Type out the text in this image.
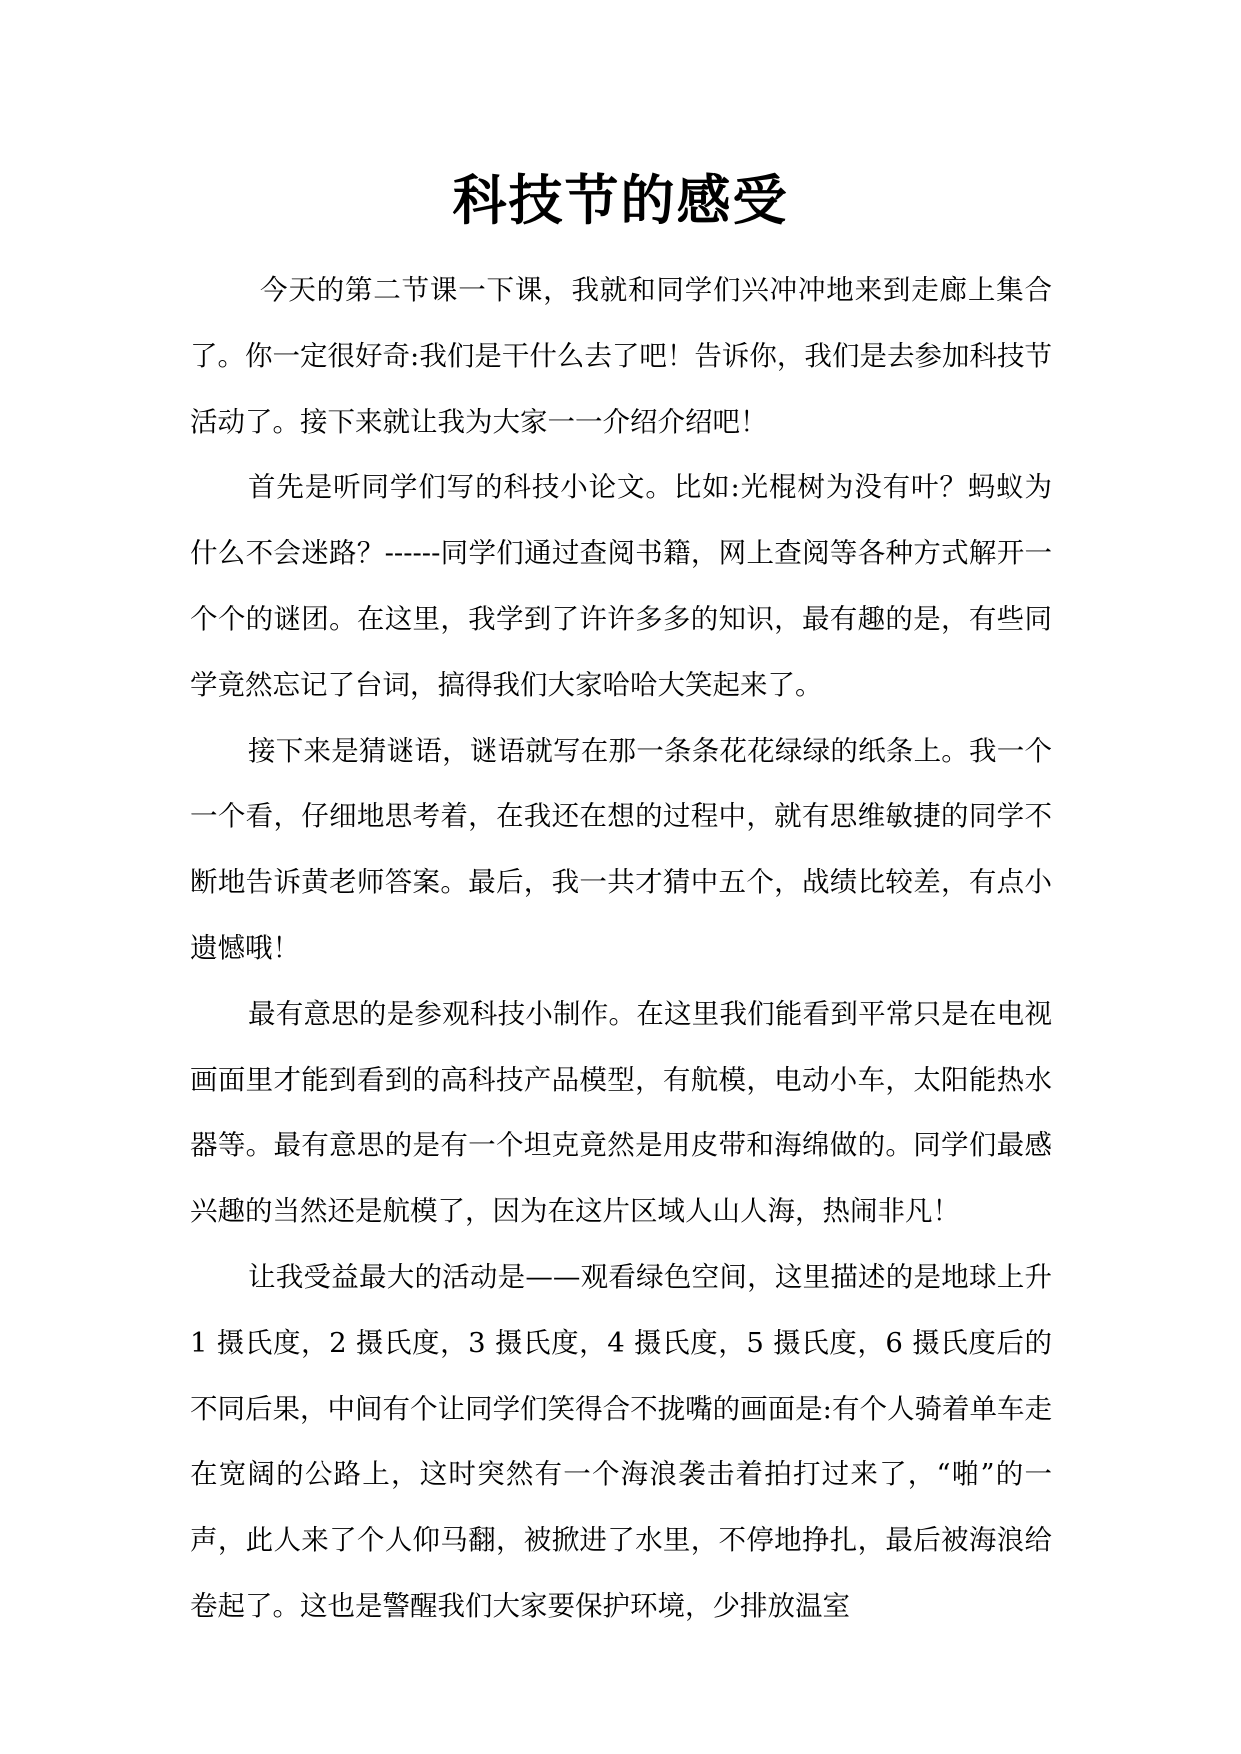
科技节的感受

今天的第二节课一下课，我就和同学们兴冲冲地来到走廊上集合了。你一定很好奇:我们是干什么去了吧！告诉你，我们是去参加科技节活动了。接下来就让我为大家一一介绍介绍吧！

首先是听同学们写的科技小论文。比如:光棍树为没有叶？蚂蚁为什么不会迷路？------同学们通过查阅书籍，网上查阅等各种方式解开一个个的谜团。在这里，我学到了许许多多的知识，最有趣的是，有些同学竟然忘记了台词，搞得我们大家哈哈大笑起来了。

接下来是猜谜语，谜语就写在那一条条花花绿绿的纸条上。我一个一个看，仔细地思考着，在我还在想的过程中，就有思维敏捷的同学不断地告诉黄老师答案。最后，我一共才猜中五个，战绩比较差，有点小遗憾哦！

最有意思的是参观科技小制作。在这里我们能看到平常只是在电视画面里才能到看到的高科技产品模型，有航模，电动小车，太阳能热水器等。最有意思的是有一个坦克竟然是用皮带和海绵做的。同学们最感兴趣的当然还是航模了，因为在这片区域人山人海，热闹非凡！

让我受益最大的活动是——观看绿色空间，这里描述的是地球上升 1 摄氏度，2 摄氏度，3 摄氏度，4 摄氏度，5 摄氏度，6 摄氏度后的不同后果，中间有个让同学们笑得合不拢嘴的画面是:有个人骑着单车走在宽阔的公路上，这时突然有一个海浪袭击着拍打过来了，“啪”的一声，此人来了个人仰马翻，被掀进了水里，不停地挣扎，最后被海浪给卷起了。这也是警醒我们大家要保护环境，少排放温室
